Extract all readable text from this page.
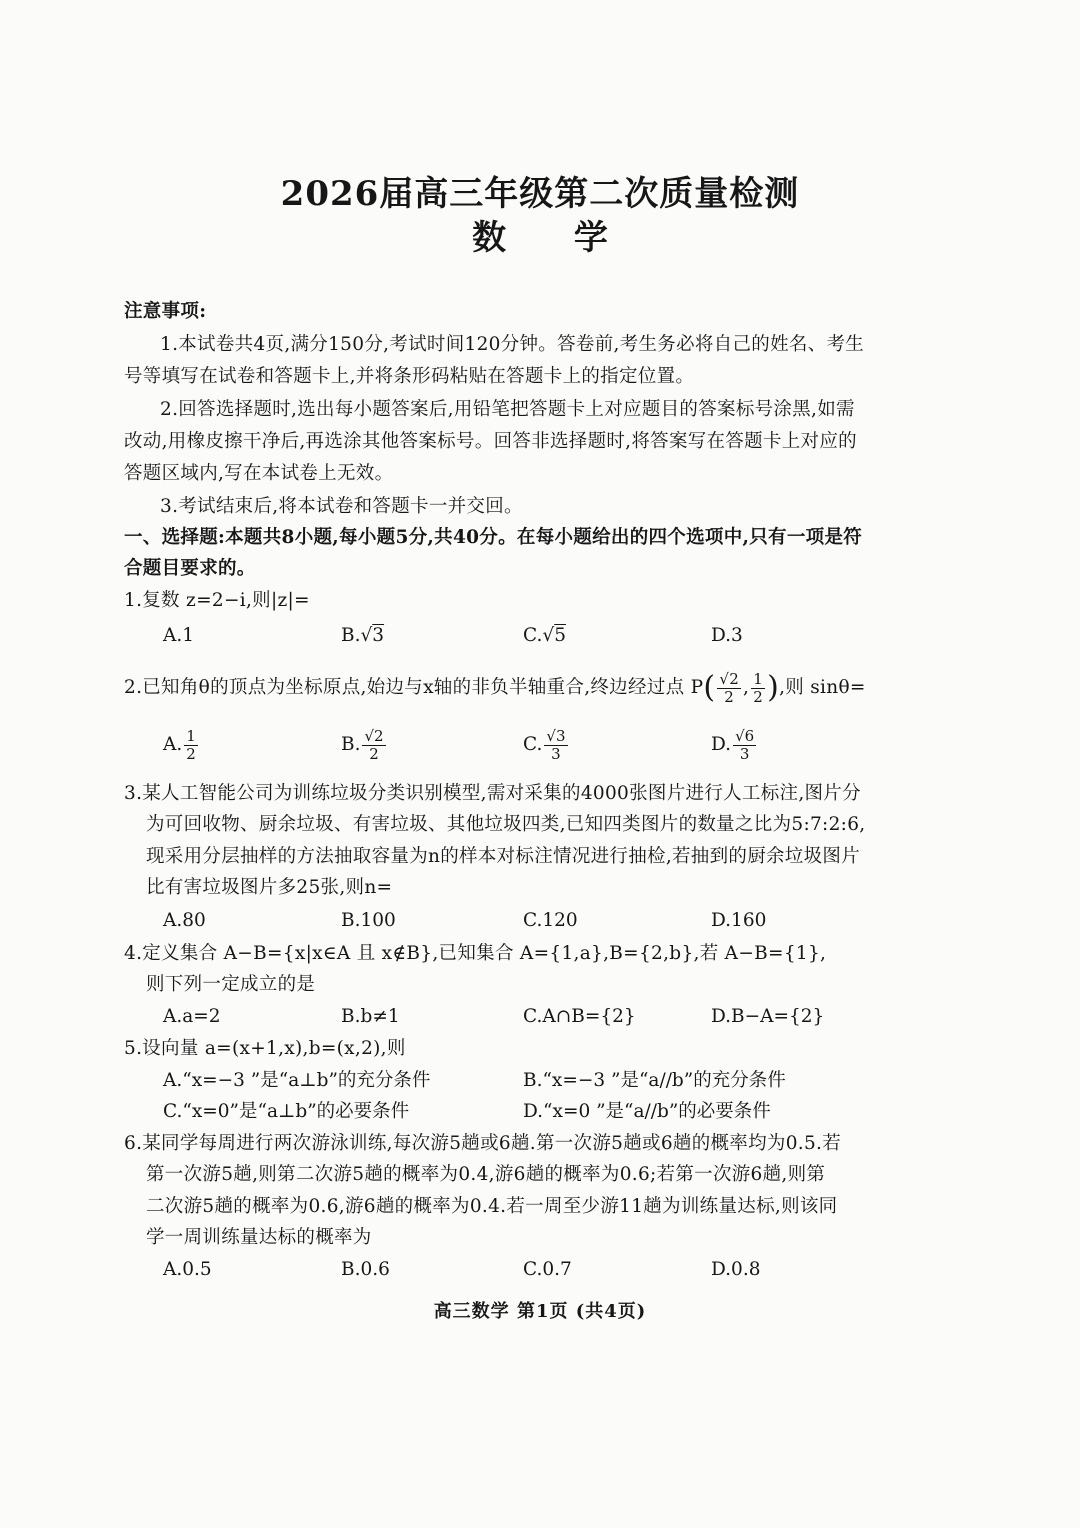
2026届高三年级第二次质量检测
数 学
注意事项:
1.本试卷共4页,满分150分,考试时间120分钟。答卷前,考生务必将自己的姓名、考生
号等填写在试卷和答题卡上,并将条形码粘贴在答题卡上的指定位置。
2.回答选择题时,选出每小题答案后,用铅笔把答题卡上对应题目的答案标号涂黑,如需
改动,用橡皮擦干净后,再选涂其他答案标号。回答非选择题时,将答案写在答题卡上对应的
答题区域内,写在本试卷上无效。
3.考试结束后,将本试卷和答题卡一并交回。
一、选择题:本题共8小题,每小题5分,共40分。在每小题给出的四个选项中,只有一项是符
合题目要求的。
1.复数 z=2−i,则|z|=
A.1	B.√3	C.√5	D.3
2.已知角θ的顶点为坐标原点,始边与x轴的非负半轴重合,终边经过点 $P( \frac{√2}{2}$ , $\frac{1}{2}$ ),则 sinθ=
A. $\frac{1}{2}$	B. $\frac{√2}{2}$	C. $\frac{√3}{3}$	D. $\frac{√6}{3}$
3.某人工智能公司为训练垃圾分类识别模型,需对采集的4000张图片进行人工标注,图片分
为可回收物、厨余垃圾、有害垃圾、其他垃圾四类,已知四类图片的数量之比为5:7:2:6,
现采用分层抽样的方法抽取容量为n的样本对标注情况进行抽检,若抽到的厨余垃圾图片
比有害垃圾图片多25张,则n=
A.80	B.100	C.120	D.160
4.定义集合 A−B={x|x∈A 且 x∉B},已知集合 A={1,a},B={2,b},若 A−B={1},
则下列一定成立的是
A.a=2	B.b≠1	C.A∩B={2}	D.B−A={2}
5.设向量 a=(x+1,x),b=(x,2),则
A.“x=−3 ”是“a⊥b”的充分条件	B.“x=−3 ”是“a//b”的充分条件
C.“x=0”是“a⊥b”的必要条件	D.“x=0 ”是“a//b”的必要条件
6.某同学每周进行两次游泳训练,每次游5趟或6趟.第一次游5趟或6趟的概率均为0.5.若
第一次游5趟,则第二次游5趟的概率为0.4,游6趟的概率为0.6;若第一次游6趟,则第
二次游5趟的概率为0.6,游6趟的概率为0.4.若一周至少游11趟为训练量达标,则该同
学一周训练量达标的概率为
A.0.5	B.0.6	C.0.7	D.0.8
高三数学 第1页 (共4页)
